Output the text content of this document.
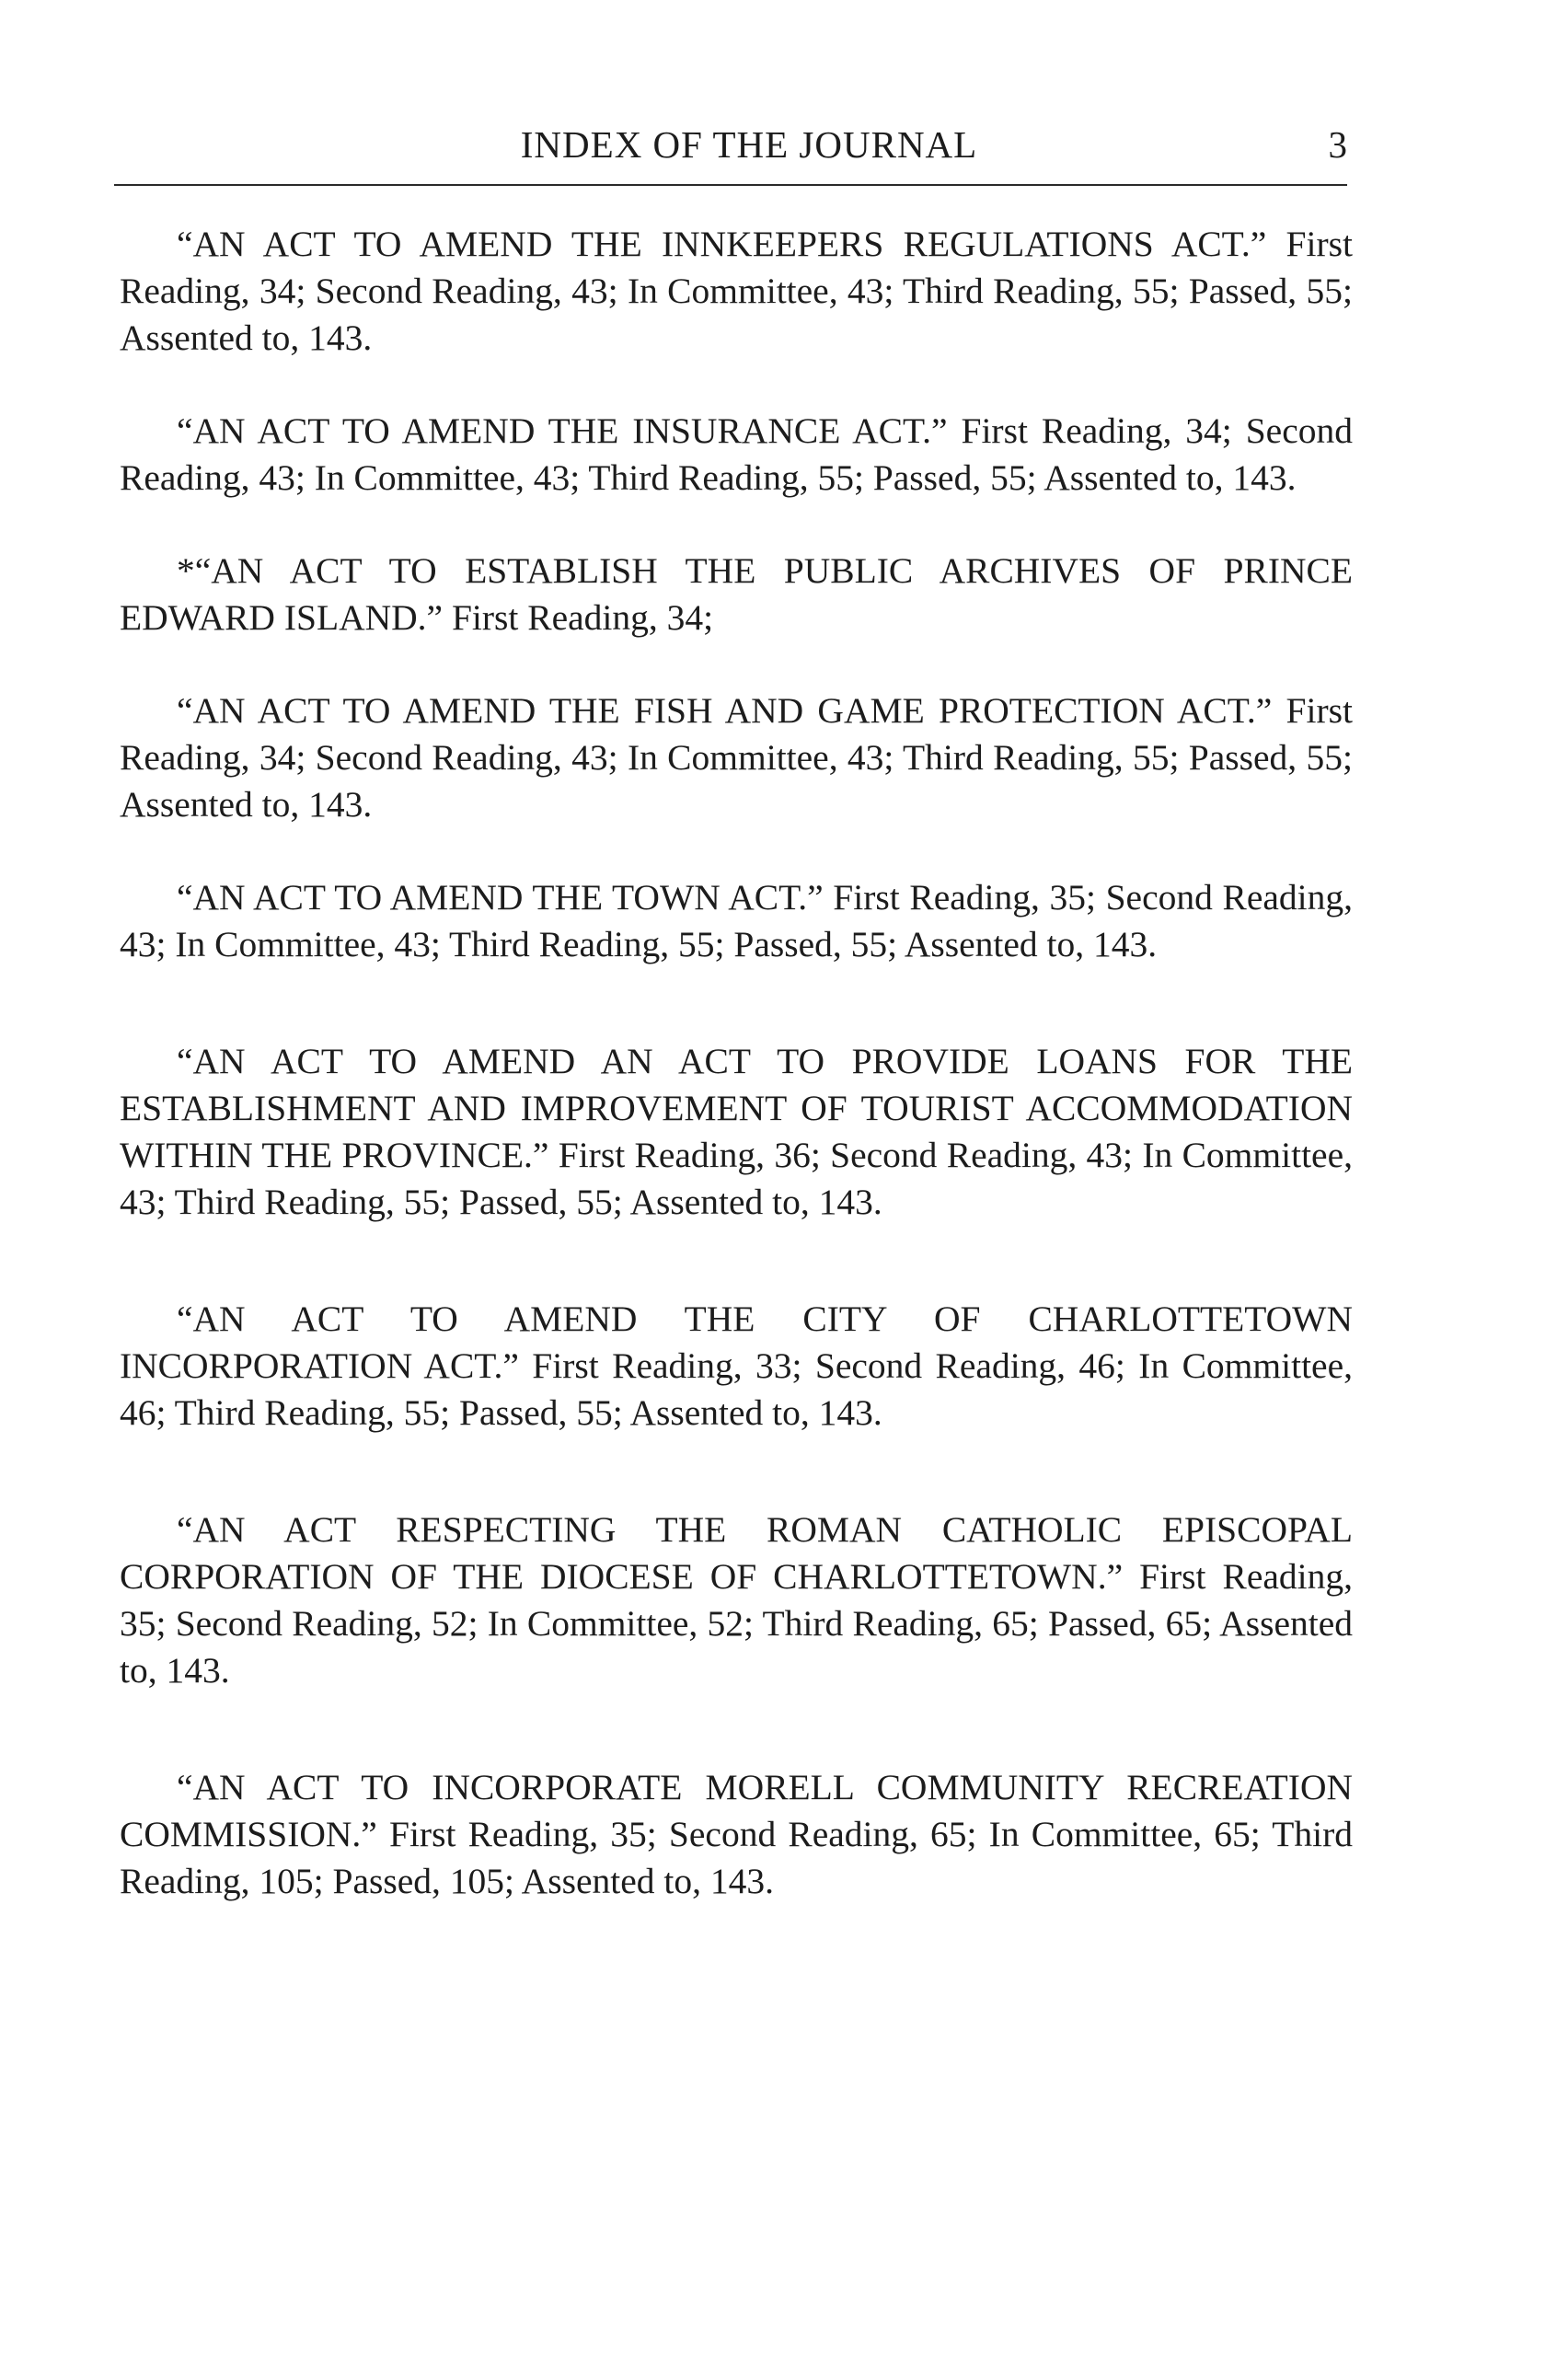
INDEX OF THE JOURNAL	3

“AN ACT TO AMEND THE INNKEEPERS REGULATIONS ACT.” First Reading, 34; Second Reading, 43; In Committee, 43; Third Reading, 55; Passed, 55; Assented to, 143.

“AN ACT TO AMEND THE INSURANCE ACT.” First Reading, 34; Second Reading, 43; In Committee, 43; Third Reading, 55; Passed, 55; Assented to, 143.

*“AN ACT TO ESTABLISH THE PUBLIC ARCHIVES OF PRINCE EDWARD ISLAND.” First Reading, 34;

“AN ACT TO AMEND THE FISH AND GAME PROTECTION ACT.” First Reading, 34; Second Reading, 43; In Committee, 43; Third Reading, 55; Passed, 55; Assented to, 143.

“AN ACT TO AMEND THE TOWN ACT.” First Reading, 35; Second Reading, 43; In Committee, 43; Third Reading, 55; Passed, 55; Assented to, 143.

“AN ACT TO AMEND AN ACT TO PROVIDE LOANS FOR THE ESTABLISHMENT AND IMPROVEMENT OF TOURIST ACCOMMODATION WITHIN THE PROVINCE.” First Reading, 36; Second Reading, 43; In Committee, 43; Third Reading, 55; Passed, 55; Assented to, 143.

“AN ACT TO AMEND THE CITY OF CHARLOTTETOWN INCORPORATION ACT.” First Reading, 33; Second Reading, 46; In Committee, 46; Third Reading, 55; Passed, 55; Assented to, 143.

“AN ACT RESPECTING THE ROMAN CATHOLIC EPISCOPAL CORPORATION OF THE DIOCESE OF CHARLOTTETOWN.” First Reading, 35; Second Reading, 52; In Committee, 52; Third Reading, 65; Passed, 65; Assented to, 143.

“AN ACT TO INCORPORATE MORELL COMMUNITY RECREATION COMMISSION.” First Reading, 35; Second Reading, 65; In Committee, 65; Third Reading, 105; Passed, 105; Assented to, 143.
